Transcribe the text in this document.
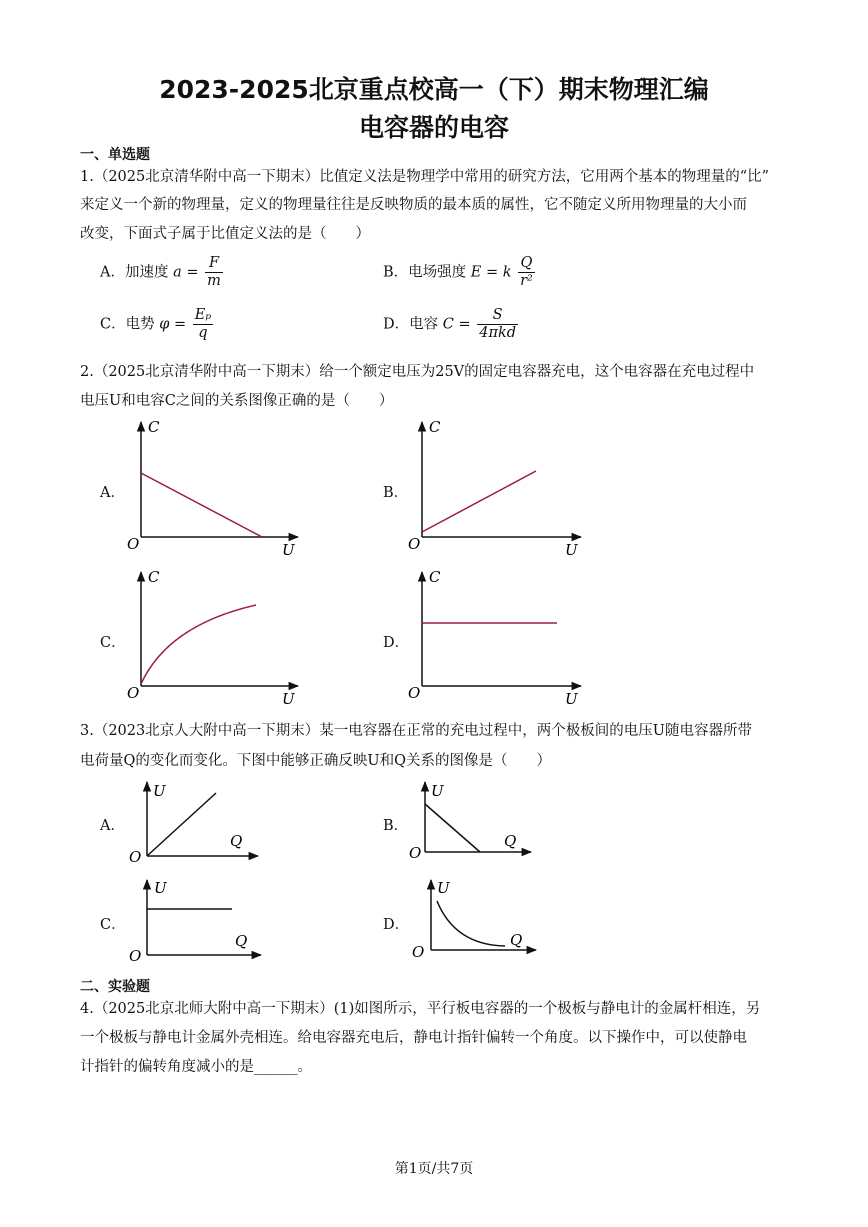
2023-2025北京重点校高一（下）期末物理汇编
电容器的电容
一、单选题
1.（2025北京清华附中高一下期末）比值定义法是物理学中常用的研究方法，它用两个基本的物理量的“比”
来定义一个新的物理量，定义的物理量往往是反映物质的最本质的属性，它不随定义所用物理量的大小而
改变，下面式子属于比值定义法的是（　　）
A．加速度 $a = \frac{F}{m}$	B．电场强度 E = k $\frac{Q}{\text{r²}}$
C．电势 $\varphi = \frac{\text{Eₚ}}{q}$	D．电容 $C = \frac{S}{\text{4πkd}}$
2.（2025北京清华附中高一下期末）给一个额定电压为25V的固定电容器充电，这个电容器在充电过程中
电压U和电容C之间的关系图像正确的是（　　）
A．	B．
C．	D．
C
U
O
C
U
O
C
U
O
C
U
O
U
Q
O
U
Q
O
U
Q
O
U
Q
O
3.（2023北京人大附中高一下期末）某一电容器在正常的充电过程中，两个极板间的电压U随电容器所带
电荷量Q的变化而变化。下图中能够正确反映U和Q关系的图像是（　　）
A．	B．
C．	D．
二、实验题
4.（2025北京北师大附中高一下期末）(1)如图所示，平行板电容器的一个极板与静电计的金属杆相连，另
一个极板与静电计金属外壳相连。给电容器充电后，静电计指针偏转一个角度。以下操作中，可以使静电
计指针的偏转角度减小的是______。
第1页/共7页
